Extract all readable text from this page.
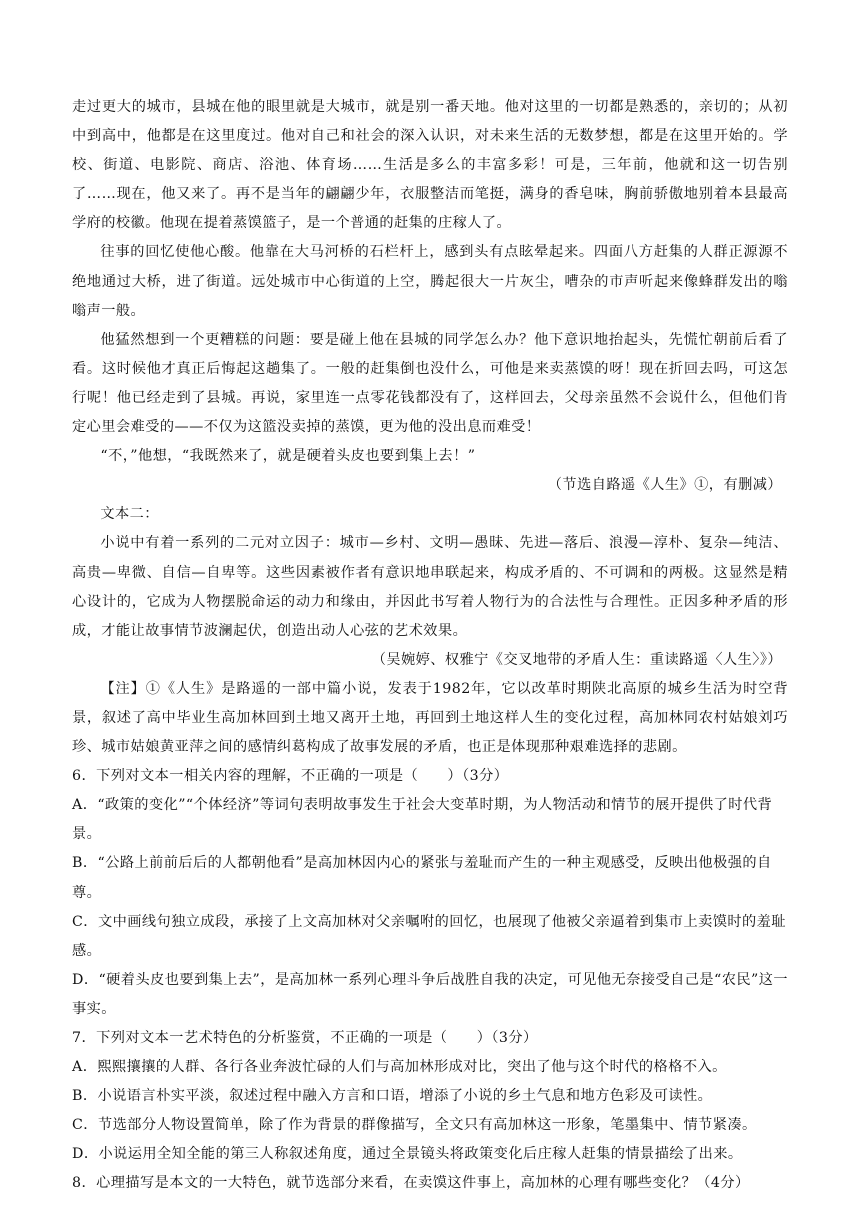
走过更大的城市，县城在他的眼里就是大城市，就是别一番天地。他对这里的一切都是熟悉的，亲切的；从初中到高中，他都是在这里度过。他对自己和社会的深入认识，对未来生活的无数梦想，都是在这里开始的。学校、街道、电影院、商店、浴池、体育场……生活是多么的丰富多彩！可是，三年前，他就和这一切告别了……现在，他又来了。再不是当年的翩翩少年，衣服整洁而笔挺，满身的香皂味，胸前骄傲地别着本县最高学府的校徽。他现在提着蒸馍篮子，是一个普通的赶集的庄稼人了。

往事的回忆使他心酸。他靠在大马河桥的石栏杆上，感到头有点眩晕起来。四面八方赶集的人群正源源不绝地通过大桥，进了街道。远处城市中心街道的上空，腾起很大一片灰尘，嘈杂的市声听起来像蜂群发出的嗡嗡声一般。

他猛然想到一个更糟糕的问题：要是碰上他在县城的同学怎么办？他下意识地抬起头，先慌忙朝前后看了看。这时候他才真正后悔起这趟集了。一般的赶集倒也没什么，可他是来卖蒸馍的呀！现在折回去吗，可这怎行呢！他已经走到了县城。再说，家里连一点零花钱都没有了，这样回去，父母亲虽然不会说什么，但他们肯定心里会难受的——不仅为这篮没卖掉的蒸馍，更为他的没出息而难受！

“不，”他想，“我既然来了，就是硬着头皮也要到集上去！”

（节选自路遥《人生》①，有删减）

文本二：

小说中有着一系列的二元对立因子：城市—乡村、文明—愚昧、先进—落后、浪漫—淳朴、复杂—纯洁、高贵—卑微、自信—自卑等。这些因素被作者有意识地串联起来，构成矛盾的、不可调和的两极。这显然是精心设计的，它成为人物摆脱命运的动力和缘由，并因此书写着人物行为的合法性与合理性。正因多种矛盾的形成，才能让故事情节波澜起伏，创造出动人心弦的艺术效果。

（吴婉婷、权雅宁《交叉地带的矛盾人生：重读路遥〈人生〉》）

【注】①《人生》是路遥的一部中篇小说，发表于1982年，它以改革时期陕北高原的城乡生活为时空背景，叙述了高中毕业生高加林回到土地又离开土地，再回到土地这样人生的变化过程，高加林同农村姑娘刘巧珍、城市姑娘黄亚萍之间的感情纠葛构成了故事发展的矛盾，也正是体现那种艰难选择的悲剧。

6．下列对文本一相关内容的理解，不正确的一项是（　　）（3分）

A．“政策的变化”“个体经济”等词句表明故事发生于社会大变革时期，为人物活动和情节的展开提供了时代背景。

B．“公路上前前后后的人都朝他看”是高加林因内心的紧张与羞耻而产生的一种主观感受，反映出他极强的自尊。

C．文中画线句独立成段，承接了上文高加林对父亲嘱咐的回忆，也展现了他被父亲逼着到集市上卖馍时的羞耻感。

D．“硬着头皮也要到集上去”，是高加林一系列心理斗争后战胜自我的决定，可见他无奈接受自己是“农民”这一事实。

7．下列对文本一艺术特色的分析鉴赏，不正确的一项是（　　）（3分）

A．熙熙攘攘的人群、各行各业奔波忙碌的人们与高加林形成对比，突出了他与这个时代的格格不入。

B．小说语言朴实平淡，叙述过程中融入方言和口语，增添了小说的乡土气息和地方色彩及可读性。

C．节选部分人物设置简单，除了作为背景的群像描写，全文只有高加林这一形象，笔墨集中、情节紧凑。

D．小说运用全知全能的第三人称叙述角度，通过全景镜头将政策变化后庄稼人赶集的情景描绘了出来。

8．心理描写是本文的一大特色，就节选部分来看，在卖馍这件事上，高加林的心理有哪些变化？（4分）
